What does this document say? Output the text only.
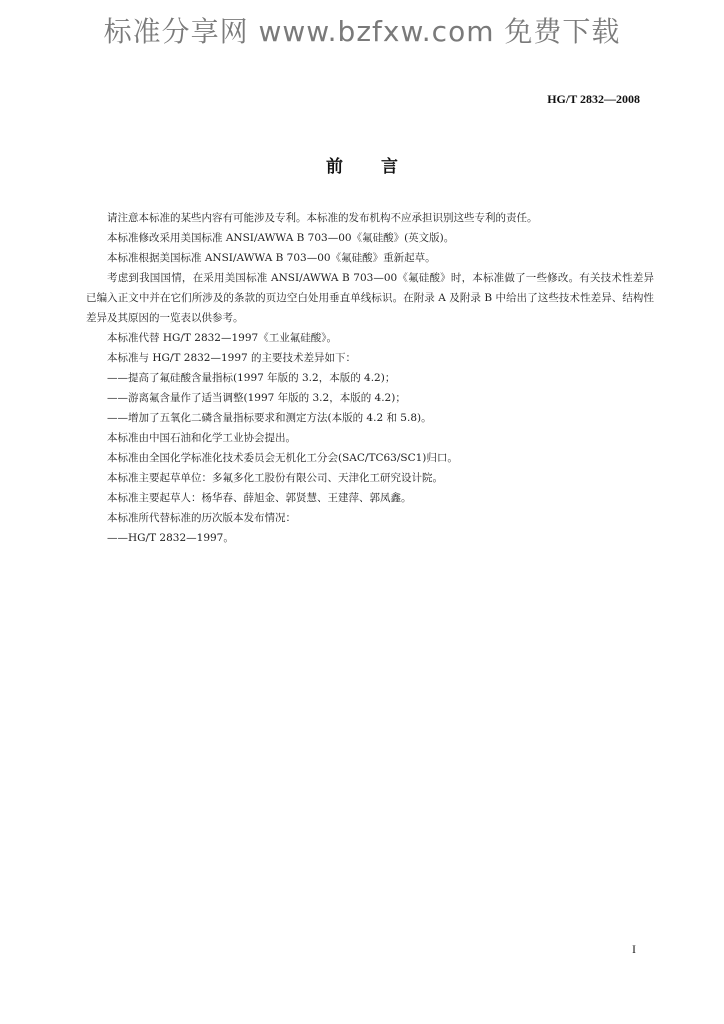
标准分享网 www.bzfxw.com 免费下载
HG/T 2832—2008
前言

请注意本标准的某些内容有可能涉及专利。本标准的发布机构不应承担识别这些专利的责任。

本标准修改采用美国标准 ANSI/AWWA B 703—00《氟硅酸》(英文版)。

本标准根据美国标准 ANSI/AWWA B 703—00《氟硅酸》重新起草。

考虑到我国国情，在采用美国标准 ANSI/AWWA B 703—00《氟硅酸》时，本标准做了一些修改。有关技术性差异已编入正文中并在它们所涉及的条款的页边空白处用垂直单线标识。在附录 A 及附录 B 中给出了这些技术性差异、结构性差异及其原因的一览表以供参考。

本标准代替 HG/T 2832—1997《工业氟硅酸》。

本标准与 HG/T 2832—1997 的主要技术差异如下：

——提高了氟硅酸含量指标(1997 年版的 3.2，本版的 4.2)；

——游离氟含量作了适当调整(1997 年版的 3.2，本版的 4.2)；

——增加了五氧化二磷含量指标要求和测定方法(本版的 4.2 和 5.8)。

本标准由中国石油和化学工业协会提出。

本标准由全国化学标准化技术委员会无机化工分会(SAC/TC63/SC1)归口。

本标准主要起草单位：多氟多化工股份有限公司、天津化工研究设计院。

本标准主要起草人：杨华春、薛旭金、郭贤慧、王建萍、郭凤鑫。

本标准所代替标准的历次版本发布情况：

——HG/T 2832—1997。

I
